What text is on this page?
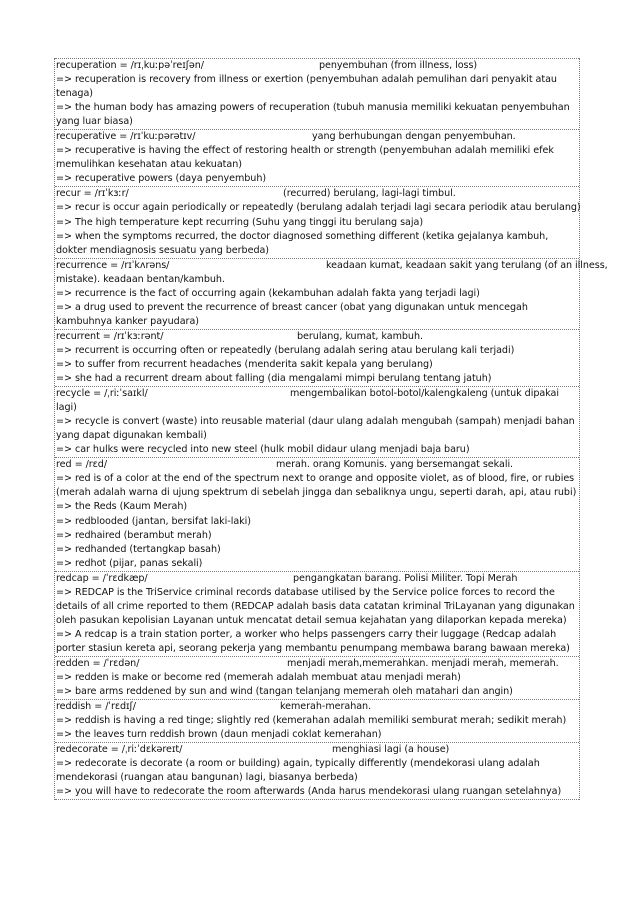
recuperation = /rɪˌkuːpəˈreɪʃən/	penyembuhan (from illness, loss)
=> recuperation is recovery from illness or exertion (penyembuhan adalah pemulihan dari penyakit atau
tenaga)
=> the human body has amazing powers of recuperation (tubuh manusia memiliki kekuatan penyembuhan
yang luar biasa)
recuperative = /rɪˈkuːpərətɪv/	yang berhubungan dengan penyembuhan.
=> recuperative is having the effect of restoring health or strength (penyembuhan adalah memiliki efek
memulihkan kesehatan atau kekuatan)
=> recuperative powers (daya penyembuh)
recur = /rɪˈkɜːr/	(recurred) berulang, lagi-lagi timbul.
=> recur is occur again periodically or repeatedly (berulang adalah terjadi lagi secara periodik atau berulang)
=> The high temperature kept recurring (Suhu yang tinggi itu berulang saja)
=> when the symptoms recurred, the doctor diagnosed something different (ketika gejalanya kambuh,
dokter mendiagnosis sesuatu yang berbeda)
recurrence = /rɪˈkʌrəns/	keadaan kumat, keadaan sakit yang terulang (of an illness,
mistake). keadaan bentan/kambuh.
=> recurrence is the fact of occurring again (kekambuhan adalah fakta yang terjadi lagi)
=> a drug used to prevent the recurrence of breast cancer (obat yang digunakan untuk mencegah
kambuhnya kanker payudara)
recurrent = /rɪˈkɜːrənt/	berulang, kumat, kambuh.
=> recurrent is occurring often or repeatedly (berulang adalah sering atau berulang kali terjadi)
=> to suffer from recurrent headaches (menderita sakit kepala yang berulang)
=> she had a recurrent dream about falling (dia mengalami mimpi berulang tentang jatuh)
recycle = /ˌriːˈsaɪkl/	mengembalikan botol-botol/kalengkaleng (untuk dipakai
lagi)
=> recycle is convert (waste) into reusable material (daur ulang adalah mengubah (sampah) menjadi bahan
yang dapat digunakan kembali)
=> car hulks were recycled into new steel (hulk mobil didaur ulang menjadi baja baru)
red = /rɛd/	merah. orang Komunis. yang bersemangat sekali.
=> red is of a color at the end of the spectrum next to orange and opposite violet, as of blood, fire, or rubies
(merah adalah warna di ujung spektrum di sebelah jingga dan sebaliknya ungu, seperti darah, api, atau rubi)
=> the Reds (Kaum Merah)
=> redblooded (jantan, bersifat laki-laki)
=> redhaired (berambut merah)
=> redhanded (tertangkap basah)
=> redhot (pijar, panas sekali)
redcap = /ˈrɛdkæp/	pengangkatan barang. Polisi Militer. Topi Merah
=> REDCAP is the TriService criminal records database utilised by the Service police forces to record the
details of all crime reported to them (REDCAP adalah basis data catatan kriminal TriLayanan yang digunakan
oleh pasukan kepolisian Layanan untuk mencatat detail semua kejahatan yang dilaporkan kepada mereka)
=> A redcap is a train station porter, a worker who helps passengers carry their luggage (Redcap adalah
porter stasiun kereta api, seorang pekerja yang membantu penumpang membawa barang bawaan mereka)
redden = /ˈrɛdən/	menjadi merah,memerahkan. menjadi merah, memerah.
=> redden is make or become red (memerah adalah membuat atau menjadi merah)
=> bare arms reddened by sun and wind (tangan telanjang memerah oleh matahari dan angin)
reddish = /ˈrɛdɪʃ/	kemerah-merahan.
=> reddish is having a red tinge; slightly red (kemerahan adalah memiliki semburat merah; sedikit merah)
=> the leaves turn reddish brown (daun menjadi coklat kemerahan)
redecorate = /ˌriːˈdɛkəreɪt/	menghiasi lagi (a house)
=> redecorate is decorate (a room or building) again, typically differently (mendekorasi ulang adalah
mendekorasi (ruangan atau bangunan) lagi, biasanya berbeda)
=> you will have to redecorate the room afterwards (Anda harus mendekorasi ulang ruangan setelahnya)
